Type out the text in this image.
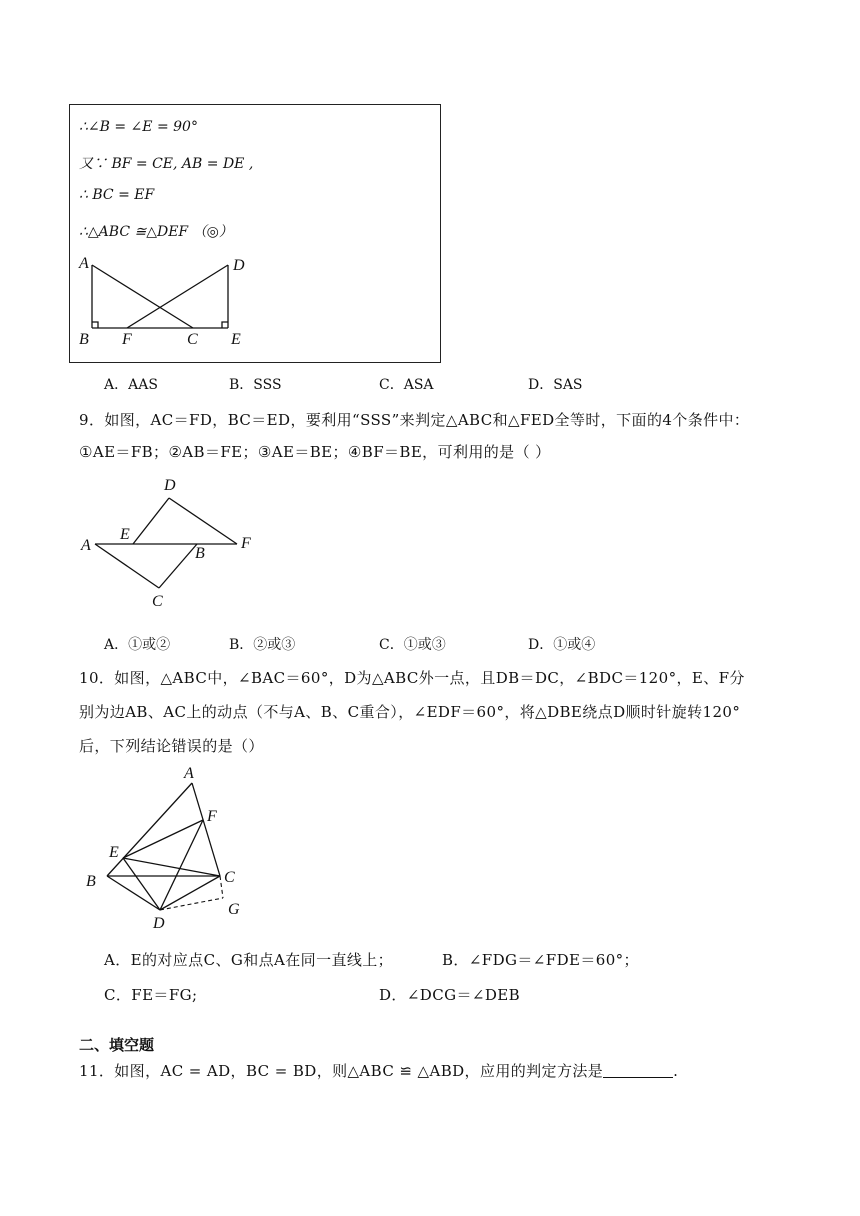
∴∠B = ∠E = 90°
又∵ BF = CE, AB = DE ,
∴ BC = EF
∴△ABC ≅△DEF （◎）
A	D
B F	C E
A．AAS	B．SSS	C．ASA	D．SAS
9．如图，AC＝FD，BC＝ED，要利用“SSS”来判定△ABC和△FED全等时，下面的4个条件中：
①AE＝FB；②AB＝FE；③AE＝BE；④BF＝BE，可利用的是（ ）
A
E
D
F
B
C
A．①或②	B．②或③	C．①或③	D．①或④
10．如图，△ABC中，∠BAC＝60°，D为△ABC外一点，且DB＝DC，∠BDC＝120°，E、F分
别为边AB、AC上的动点（不与A、B、C重合），∠EDF＝60°，将△DBE绕点D顺时针旋转120°
后，下列结论错误的是（）
A
F
E
B	C
G
D
A．E的对应点C、G和点A在同一直线上；	B．∠FDG＝∠FDE＝60°；
C．FE＝FG;	D．∠DCG＝∠DEB
二、填空题
11．如图，AC = AD，BC = BD，则△ABC ≌ △ABD，应用的判定方法是	.
